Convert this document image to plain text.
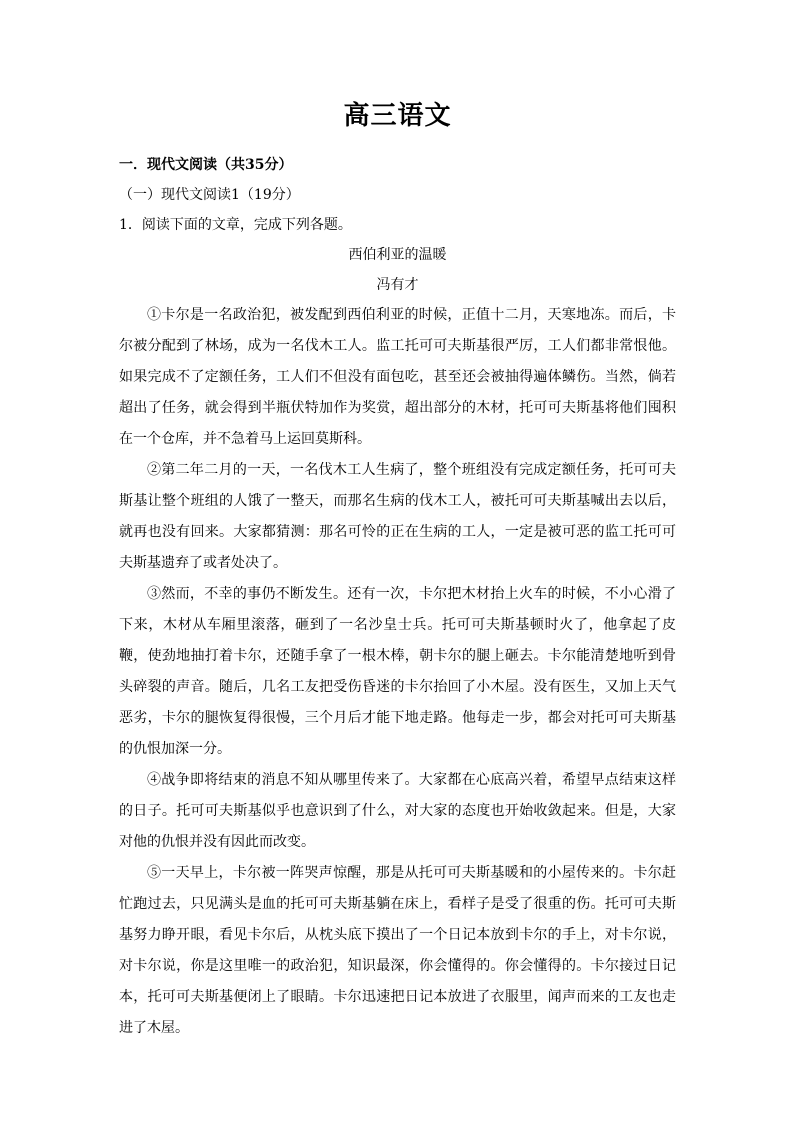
高三语文
一．现代文阅读（共35分）
（一）现代文阅读1（19分）
1．阅读下面的文章，完成下列各题。
西伯利亚的温暖
冯有才

①卡尔是一名政治犯，被发配到西伯利亚的时候，正值十二月，天寒地冻。而后，卡尔被分配到了林场，成为一名伐木工人。监工托可可夫斯基很严厉，工人们都非常恨他。如果完成不了定额任务，工人们不但没有面包吃，甚至还会被抽得遍体鳞伤。当然，倘若超出了任务，就会得到半瓶伏特加作为奖赏，超出部分的木材，托可可夫斯基将他们囤积在一个仓库，并不急着马上运回莫斯科。

②第二年二月的一天，一名伐木工人生病了，整个班组没有完成定额任务，托可可夫斯基让整个班组的人饿了一整天，而那名生病的伐木工人，被托可可夫斯基喊出去以后，就再也没有回来。大家都猜测：那名可怜的正在生病的工人，一定是被可恶的监工托可可夫斯基遗弃了或者处决了。

③然而，不幸的事仍不断发生。还有一次，卡尔把木材抬上火车的时候，不小心滑了下来，木材从车厢里滚落，砸到了一名沙皇士兵。托可可夫斯基顿时火了，他拿起了皮鞭，使劲地抽打着卡尔，还随手拿了一根木棒，朝卡尔的腿上砸去。卡尔能清楚地听到骨头碎裂的声音。随后，几名工友把受伤昏迷的卡尔抬回了小木屋。没有医生，又加上天气恶劣，卡尔的腿恢复得很慢，三个月后才能下地走路。他每走一步，都会对托可可夫斯基的仇恨加深一分。

④战争即将结束的消息不知从哪里传来了。大家都在心底高兴着，希望早点结束这样的日子。托可可夫斯基似乎也意识到了什么，对大家的态度也开始收敛起来。但是，大家对他的仇恨并没有因此而改变。

⑤一天早上，卡尔被一阵哭声惊醒，那是从托可可夫斯基暖和的小屋传来的。卡尔赶忙跑过去，只见满头是血的托可可夫斯基躺在床上，看样子是受了很重的伤。托可可夫斯基努力睁开眼，看见卡尔后，从枕头底下摸出了一个日记本放到卡尔的手上，对卡尔说，对卡尔说，你是这里唯一的政治犯，知识最深，你会懂得的。你会懂得的。卡尔接过日记本，托可可夫斯基便闭上了眼睛。卡尔迅速把日记本放进了衣服里，闻声而来的工友也走进了木屋。
